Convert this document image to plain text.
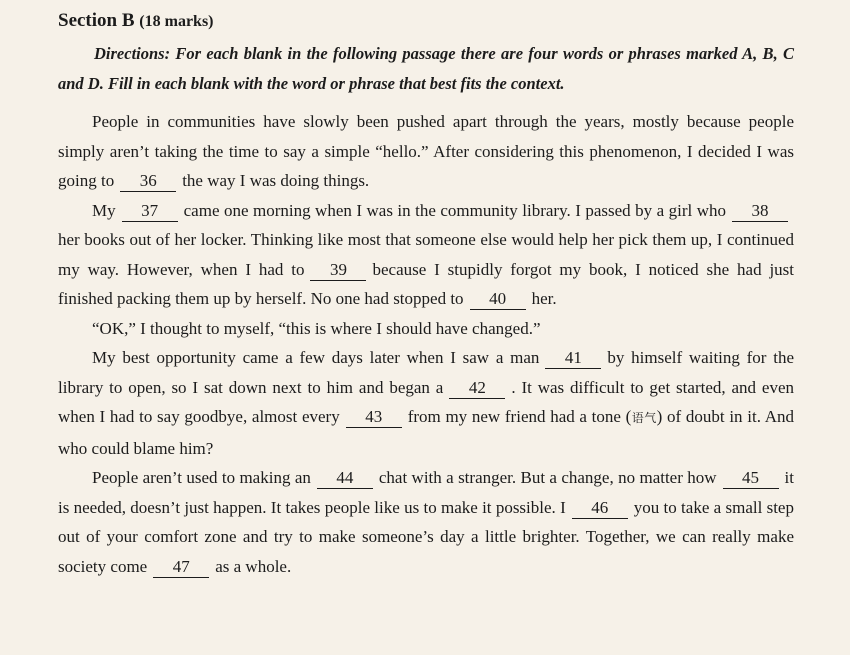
Section B (18 marks)

Directions: For each blank in the following passage there are four words or phrases marked A, B, C and D. Fill in each blank with the word or phrase that best fits the context.

People in communities have slowly been pushed apart through the years, mostly because people simply aren’t taking the time to say a simple “hello.” After considering this phenomenon, I decided I was going to 36 the way I was doing things.

My 37 came one morning when I was in the community library. I passed by a girl who 38her books out of her locker. Thinking like most that someone else would help her pick them up, I continued my way. However, when I had to 39 because I stupidly forgot my book, I noticed she had just finished packing them up by herself. No one had stopped to 40 her.

“OK,” I thought to myself, “this is where I should have changed.”

My best opportunity came a few days later when I saw a man 41 by himself waiting for the library to open, so I sat down next to him and began a 42 . It was difficult to get started, and even when I had to say goodbye, almost every 43 from my new friend had a tone (语气) of doubt in it. And who could blame him?

People aren’t used to making an 44 chat with a stranger. But a change, no matter how 45 it is needed, doesn’t just happen. It takes people like us to make it possible. I 46 you to take a small step out of your comfort zone and try to make someone’s day a little brighter. Together, we can really make society come 47 as a whole.
